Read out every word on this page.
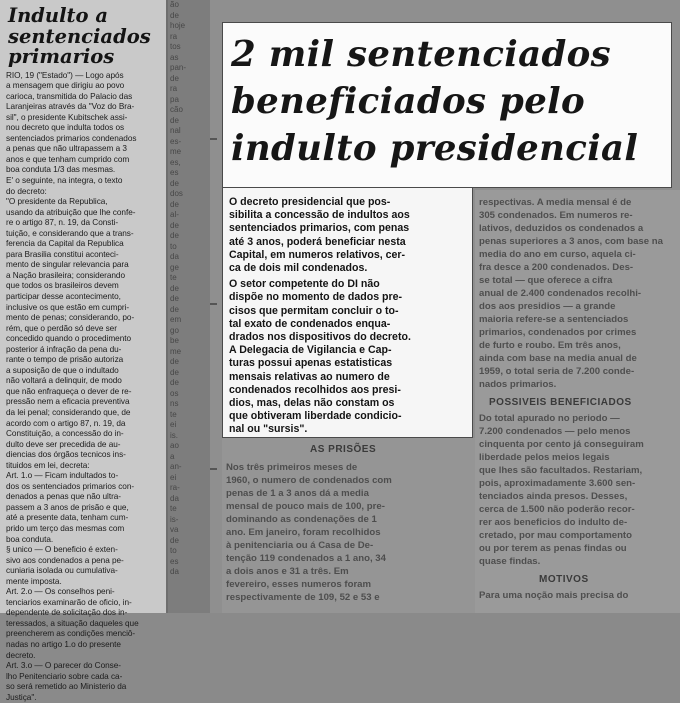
Indulto a
sentenciados
primarios
RIO, 19 ("Estado") — Logo após
a mensagem que dirigiu ao povo
carioca, transmitida do Palacio das
Laranjeiras através da "Voz do Bra-
sil", o presidente Kubitschek assi-
nou decreto que indulta todos os
sentenciados primarios condenados
a penas que não ultrapassem a 3
anos e que tenham cumprido com
boa conduta 1/3 das mesmas.
E' o seguinte, na integra, o texto
do decreto:
"O presidente da Republica,
usando da atribuição que lhe confe-
re o artigo 87, n. 19, da Consti-
tuição, e considerando que a trans-
ferencia da Capital da Republica
para Brasilia constitui aconteci-
mento de singular relevancia para
a Nação brasileira; considerando
que todos os brasileiros devem
participar desse acontecimento,
inclusive os que estão em cumpri-
mento de penas; considerando, po-
rém, que o perdão só deve ser
concedido quando o procedimento
posterior á infração da pena du-
rante o tempo de prisão autoriza
a suposição de que o indultado
não voltará a delinquir, de modo
que não enfraqueça o dever de re-
pressão nem a eficacia preventiva
da lei penal; considerando que, de
acordo com o artigo 87, n. 19, da
Constituição, a concessão do in-
dulto deve ser precedida de au-
diencias dos órgãos tecnicos ins-
tituidos em lei, decreta:
Art. 1.o — Ficam indultados to-
dos os sentenciados primarios con-
denados a penas que não ultra-
passem a 3 anos de prisão e que,
até a presente data, tenham cum-
prido um terço das mesmas com
boa conduta.
§ unico — O beneficio é exten-
sivo aos condenados a pena pe-
cuniaria isolada ou cumulativa-
mente imposta.
Art. 2.o — Os conselhos peni-
tenciarios examinarão de oficio, in-
dependente de solicitação dos in-
teressados, a situação daqueles que
preencherem as condições menciô-
nadas no artigo 1.o do presente
decreto.
Art. 3.o — O parecer do Conse-
lho Penitenciario sobre cada ca-
so será remetido ao Ministerio da
Justiça".
ão
de
hoje
ra
tos
as
pan-
de
ra
pa
cão
de
nal
es-
me
es,
es
de
dos
de
al-
de
de
to
da
ge
te
de
de
de
em
go
be
me
de
de
de
os
ns
te
ei
is.
ao
a
an-
ei
ra-
da
te
is-
va
de
to
es
da
2 mil sentenciados
beneficiados pelo
indulto presidencial
O decreto presidencial que pos-
sibilita a concessão de indultos aos
sentenciados primarios, com penas
até 3 anos, poderá beneficiar nesta
Capital, em numeros relativos, cer-
ca de dois mil condenados.
O setor competente do DI não
dispõe no momento de dados pre-
cisos que permitam concluir o to-
tal exato de condenados enqua-
drados nos dispositivos do decreto.
A Delegacia de Vigilancia e Cap-
turas possui apenas estatisticas
mensais relativas ao numero de
condenados recolhidos aos presi-
dios, mas, delas não constam os
que obtiveram liberdade condicio-
nal ou "sursis".
respectivas. A media mensal é de
305 condenados. Em numeros re-
lativos, deduzidos os condenados a
penas superiores a 3 anos, com base na
media do ano em curso, aquela ci-
fra desce a 200 condenados. Des-
se total — que oferece a cifra
anual de 2.400 condenados recolhi-
dos aos presidios — a grande
maioria refere-se a sentenciados
primarios, condenados por crimes
de furto e roubo. Em três anos,
ainda com base na media anual de
1959, o total seria de 7.200 conde-
nados primarios.
POSSIVEIS BENEFICIADOS
Do total apurado no periodo —
7.200 condenados — pelo menos
cinquenta por cento já conseguiram
liberdade pelos meios legais
que lhes são facultados. Restariam,
pois, aproximadamente 3.600 sen-
tenciados ainda presos. Desses,
cerca de 1.500 não poderão recor-
rer aos beneficios do indulto de-
cretado, por mau comportamento
ou por terem as penas findas ou
quase findas.
MOTIVOS
Para uma noção mais precisa do
AS PRISÕES
Nos três primeiros meses de
1960, o numero de condenados com
penas de 1 a 3 anos dá a media
mensal de pouco mais de 100, pre-
dominando as condenações de 1
ano. Em janeiro, foram recolhidos
à penitenciaria ou á Casa de De-
tenção 119 condenados a 1 ano, 34
a dois anos e 31 a três. Em
fevereiro, esses numeros foram
respectivamente de 109, 52 e 53 e
